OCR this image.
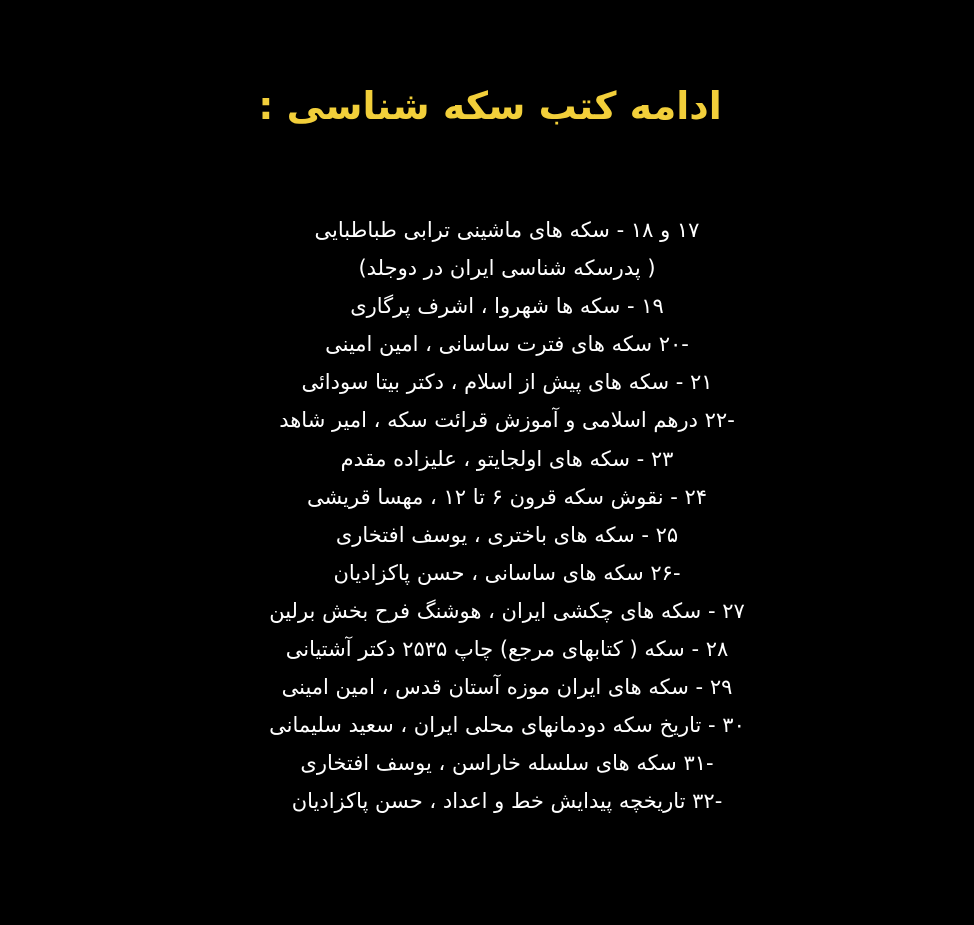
ادامه کتب سکه شناسی :
۱۷ و ۱۸ - سکه های ماشینی ترابی طباطبایی
( پدرسکه شناسی ایران در دوجلد)
۱۹ - سکه ها شهروا ، اشرف پرگاری
-۲۰ سکه های فترت ساسانی ، امین امینی
۲۱ - سکه های پیش از اسلام ، دکتر بیتا سودائی
-۲۲ درهم اسلامی و آموزش قرائت سکه ، امیر شاهد
۲۳ - سکه های اولجایتو ، علیزاده مقدم
۲۴ - نقوش سکه قرون ۶ تا ۱۲ ، مهسا قریشی
۲۵ - سکه های باختری ، یوسف افتخاری
-۲۶ سکه های ساسانی ، حسن پاکزادیان
۲۷ - سکه های چکشی ایران ، هوشنگ فرح بخش برلین
۲۸ - سکه ( کتابهای مرجع) چاپ ۲۵۳۵ دکتر آشتیانی
۲۹ - سکه های ایران موزه آستان قدس ، امین امینی
۳۰ - تاریخ سکه دودمانهای محلی ایران ، سعید سلیمانی
-۳۱ سکه های سلسله خاراسن ، یوسف افتخاری
-۳۲ تاریخچه پیدایش خط و اعداد ، حسن پاکزادیان
